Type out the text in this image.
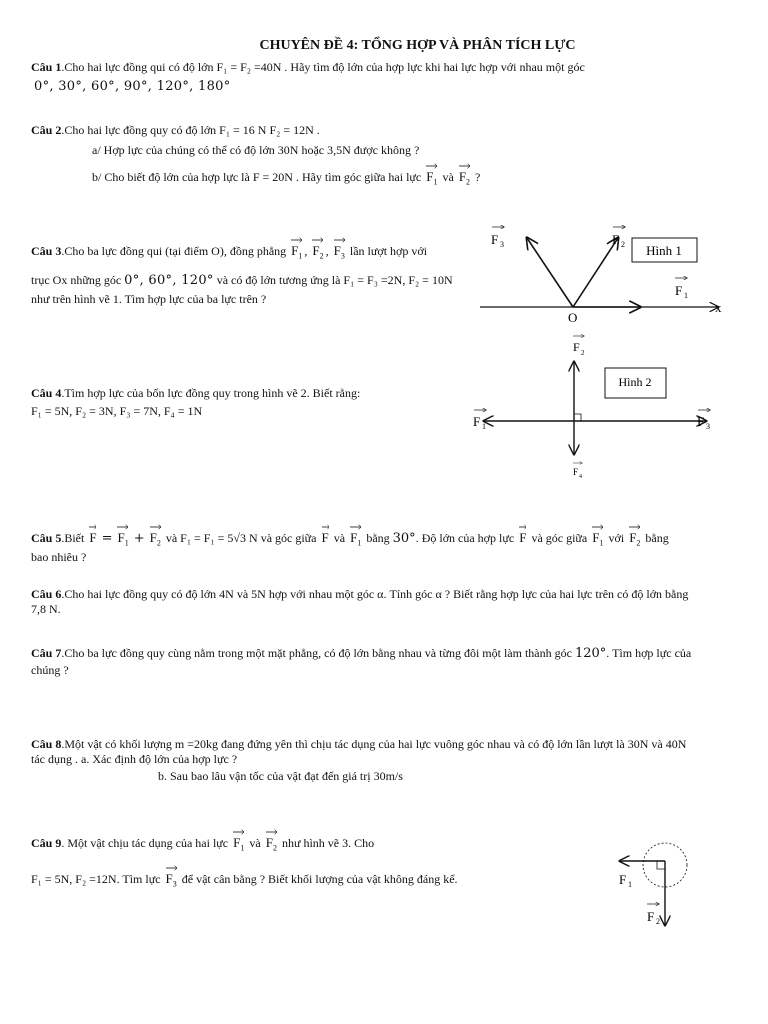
CHUYÊN ĐỀ 4: TỔNG HỢP VÀ PHÂN TÍCH LỰC
Câu 1.Cho hai lực đồng qui có độ lớn F₁ = F₂ =40N . Hãy tìm độ lớn của hợp lực khi hai lực hợp với nhau một góc
0°, 30°, 60°, 90°, 120°, 180°
Câu 2.Cho hai lực đồng quy có độ lớn F₁ = 16 N F₂ = 12N .
a/ Hợp lực của chúng có thể có độ lớn 30N hoặc 3,5N được không ?
b/ Cho biết độ lớn của hợp lực là F = 20N . Hãy tìm góc giữa hai lực $F_1$ và $F_2$ ?
Câu 3.Cho ba lực đồng qui (tại điểm O), đồng phẳng $F_1$ ,
$F_2$ ,
$F_3$ lần lượt hợp với
trục Ox những góc 0°, 60°, 120° và có độ lớn tương ứng là F₁ = F₃ =2N, F₂ = 10N
như trên hình vẽ 1. Tìm hợp lực của ba lực trên ?
Hình 1
F 3	F 2
F 1
O
x
Câu 4.Tìm hợp lực của bốn lực đồng quy trong hình vẽ 2. Biết rằng:
F₁ = 5N, F₂ = 3N, F₃ = 7N, F₄ = 1N
Hình 2
F 2
F 1	F 3
F 4
Câu 5.Biết $F = F_1 + F_2$ và F₁ = F₁ = 5√3 N và góc giữa F và $F_1$ bằng 30°. Độ lớn của hợp lực F và góc giữa $F_1$ với $F_2$ bằng
bao nhiêu ?
Câu 6.Cho hai lực đồng quy có độ lớn 4N và 5N hợp với nhau một góc α. Tính góc α ? Biết rằng hợp lực của hai lực trên có độ lớn bằng
7,8 N.
Câu 7.Cho ba lực đồng quy cùng nằm trong một mặt phẳng, có độ lớn bằng nhau và từng đôi một làm thành góc 120°. Tìm hợp lực của
chúng ?
Câu 8.Một vật có khối lượng m =20kg đang đứng yên thì chịu tác dụng của hai lực vuông góc nhau và có độ lớn lần lượt là 30N và 40N
tác dụng . a. Xác định độ lớn của hợp lực ?
b. Sau bao lâu vận tốc của vật đạt đến giá trị 30m/s
Câu 9. Một vật chịu tác dụng của hai lực $F_1$ và $F_2$ như hình vẽ 3. Cho
F₁ = 5N, F₂ =12N. Tìm lực $F_3$ để vật cân bằng ? Biết khối lượng của vật không đáng kể.	F 1
F 2
